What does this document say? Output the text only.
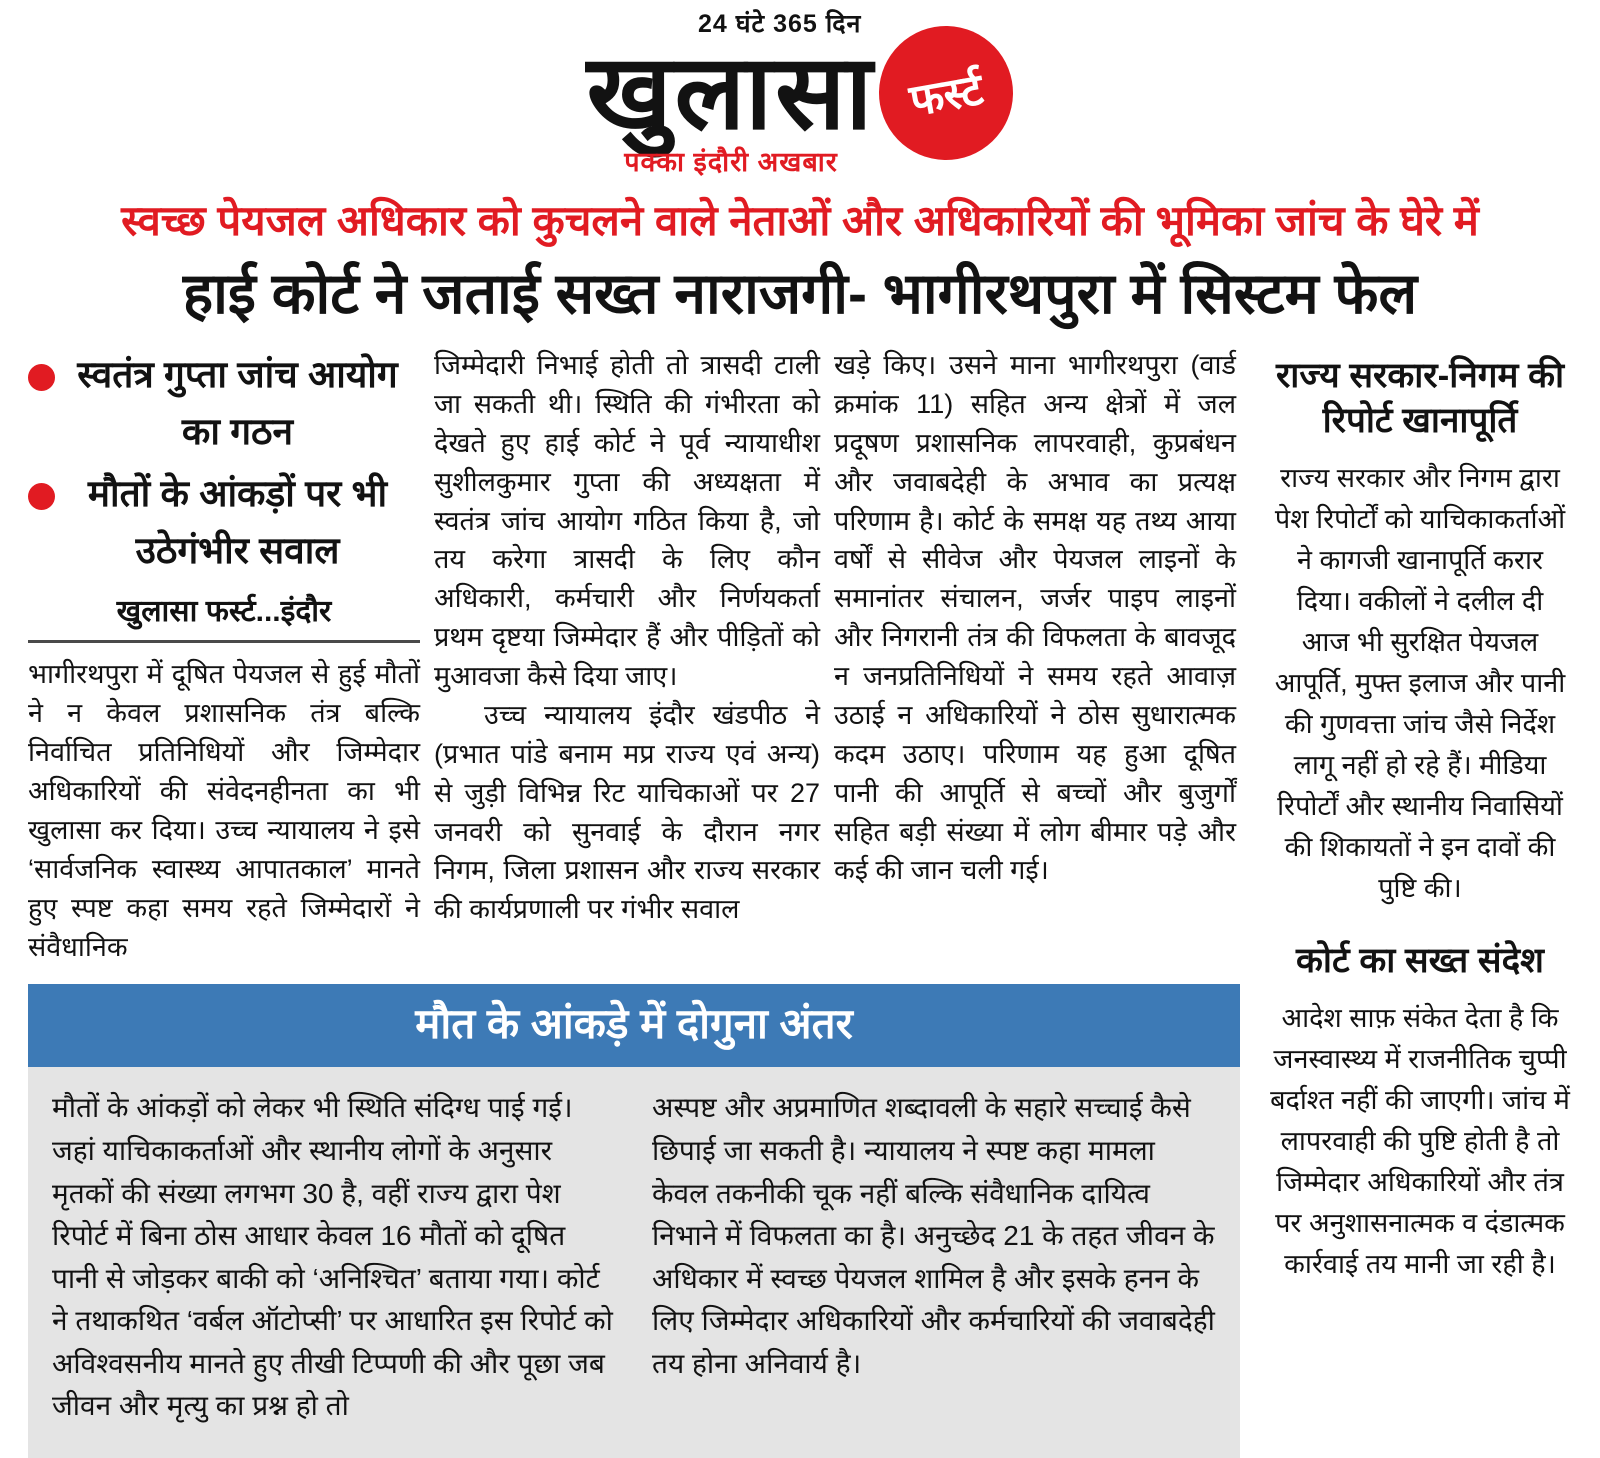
24 घंटे 365 दिन
खुलासा
पक्का इंदौरी अखबार
फर्स्ट
स्वच्छ पेयजल अधिकार को कुचलने वाले नेताओं और अधिकारियों की भूमिका जांच के घेरे में
हाई कोर्ट ने जताई सख्त नाराजगी- भागीरथपुरा में सिस्टम फेल
स्वतंत्र गुप्ता जांच आयोग का गठन
मौतों के आंकड़ों पर भी उठेगंभीर सवाल
खुलासा फर्स्ट...इंदौर

भागीरथपुरा में दूषित पेयजल से हुई मौतों ने न केवल प्रशासनिक तंत्र बल्कि निर्वाचित प्रतिनिधियों और जिम्मेदार अधिकारियों की संवेदनहीनता का भी खुलासा कर दिया। उच्च न्यायालय ने इसे ‘सार्वजनिक स्वास्थ्य आपातकाल’ मानते हुए स्पष्ट कहा समय रहते जिम्मेदारों ने संवैधानिक

जिम्मेदारी निभाई होती तो त्रासदी टाली जा सकती थी। स्थिति की गंभीरता को देखते हुए हाई कोर्ट ने पूर्व न्यायाधीश सुशीलकुमार गुप्ता की अध्यक्षता में स्वतंत्र जांच आयोग गठित किया है, जो तय करेगा त्रासदी के लिए कौन अधिकारी, कर्मचारी और निर्णयकर्ता प्रथम दृष्टया जिम्मेदार हैं और पीड़ितों को मुआवजा कैसे दिया जाए।

उच्च न्यायालय इंदौर खंडपीठ ने (प्रभात पांडे बनाम मप्र राज्य एवं अन्य) से जुड़ी विभिन्न रिट याचिकाओं पर 27 जनवरी को सुनवाई के दौरान नगर निगम, जिला प्रशासन और राज्य सरकार की कार्यप्रणाली पर गंभीर सवाल

खड़े किए। उसने माना भागीरथपुरा (वार्ड क्रमांक 11) सहित अन्य क्षेत्रों में जल प्रदूषण प्रशासनिक लापरवाही, कुप्रबंधन और जवाबदेही के अभाव का प्रत्यक्ष परिणाम है। कोर्ट के समक्ष यह तथ्य आया वर्षों से सीवेज और पेयजल लाइनों के समानांतर संचालन, जर्जर पाइप लाइनों और निगरानी तंत्र की विफलता के बावजूद न जनप्रतिनिधियों ने समय रहते आवाज़ उठाई न अधिकारियों ने ठोस सुधारात्मक कदम उठाए। परिणाम यह हुआ दूषित पानी की आपूर्ति से बच्चों और बुजुर्गों सहित बड़ी संख्या में लोग बीमार पड़े और कई की जान चली गई।

मौत के आंकड़े में दोगुना अंतर

मौतों के आंकड़ों को लेकर भी स्थिति संदिग्ध पाई गई। जहां याचिकाकर्ताओं और स्थानीय लोगों के अनुसार मृतकों की संख्या लगभग 30 है, वहीं राज्य द्वारा पेश रिपोर्ट में बिना ठोस आधार केवल 16 मौतों को दूषित पानी से जोड़कर बाकी को ‘अनिश्चित’ बताया गया। कोर्ट ने तथाकथित ‘वर्बल ऑटोप्सी’ पर आधारित इस रिपोर्ट को अविश्वसनीय मानते हुए तीखी टिप्पणी की और पूछा जब जीवन और मृत्यु का प्रश्न हो तो

अस्पष्ट और अप्रमाणित शब्दावली के सहारे सच्चाई कैसे छिपाई जा सकती है। न्यायालय ने स्पष्ट कहा मामला केवल तकनीकी चूक नहीं बल्कि संवैधानिक दायित्व निभाने में विफलता का है। अनुच्छेद 21 के तहत जीवन के अधिकार में स्वच्छ पेयजल शामिल है और इसके हनन के लिए जिम्मेदार अधिकारियों और कर्मचारियों की जवाबदेही तय होना अनिवार्य है।

राज्य सरकार-निगम की रिपोर्ट खानापूर्ति

राज्य सरकार और निगम द्वारा पेश रिपोर्टों को याचिकाकर्ताओं ने कागजी खानापूर्ति करार दिया। वकीलों ने दलील दी आज भी सुरक्षित पेयजल आपूर्ति, मुफ्त इलाज और पानी की गुणवत्ता जांच जैसे निर्देश लागू नहीं हो रहे हैं। मीडिया रिपोर्टों और स्थानीय निवासियों की शिकायतों ने इन दावों की पुष्टि की।

कोर्ट का सख्त संदेश

आदेश साफ़ संकेत देता है कि जनस्वास्थ्य में राजनीतिक चुप्पी बर्दाश्त नहीं की जाएगी। जांच में लापरवाही की पुष्टि होती है तो जिम्मेदार अधिकारियों और तंत्र पर अनुशासनात्मक व दंडात्मक कार्रवाई तय मानी जा रही है।
